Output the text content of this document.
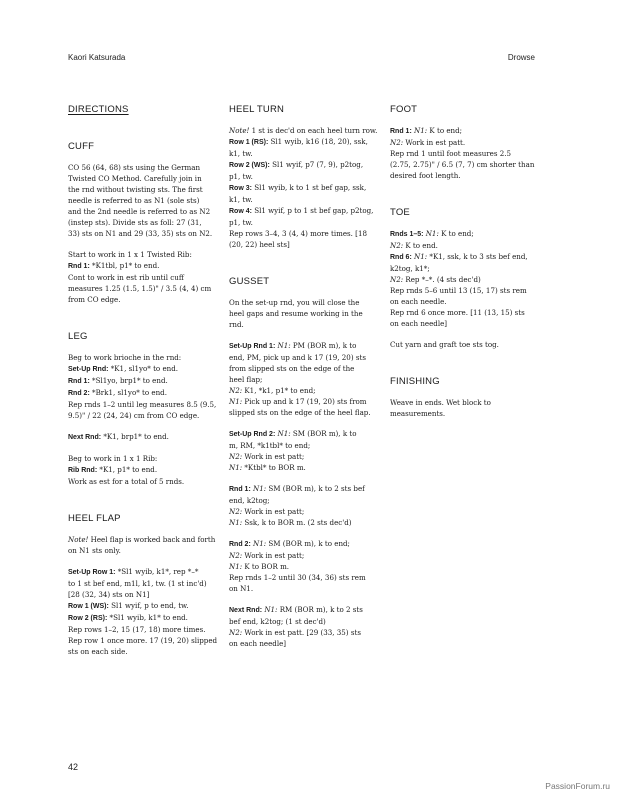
Kaori Katsurada	Drowse
DIRECTIONS
CUFF
CO 56 (64, 68) sts using the German
Twisted CO Method. Carefully join in
the rnd without twisting sts. The first
needle is referred to as N1 (sole sts)
and the 2nd needle is referred to as N2
(instep sts). Divide sts as foll: 27 (31,
33) sts on N1 and 29 (33, 35) sts on N2.
Start to work in 1 x 1 Twisted Rib:
Rnd 1: *K1tbl, p1* to end.
Cont to work in est rib until cuff
measures 1.25 (1.5, 1.5)" / 3.5 (4, 4) cm
from CO edge.
LEG
Beg to work brioche in the rnd:
Set-Up Rnd: *K1, sl1yo* to end.
Rnd 1: *Sl1yo, brp1* to end.
Rnd 2: *Brk1, sl1yo* to end.
Rep rnds 1–2 until leg measures 8.5 (9.5,
9.5)" / 22 (24, 24) cm from CO edge.
Next Rnd: *K1, brp1* to end.
Beg to work in 1 x 1 Rib:
Rib Rnd: *K1, p1* to end.
Work as est for a total of 5 rnds.
HEEL FLAP
Note! Heel flap is worked back and forth
on N1 sts only.
Set-Up Row 1: *Sl1 wyib, k1*, rep *–*
to 1 st bef end, m1l, k1, tw. (1 st inc'd)
[28 (32, 34) sts on N1]
Row 1 (WS): Sl1 wyif, p to end, tw.
Row 2 (RS): *Sl1 wyib, k1* to end.
Rep rows 1–2, 15 (17, 18) more times.
Rep row 1 once more. 17 (19, 20) slipped
sts on each side.
HEEL TURN
Note! 1 st is dec'd on each heel turn row.
Row 1 (RS): Sl1 wyib, k16 (18, 20), ssk,
k1, tw.
Row 2 (WS): Sl1 wyif, p7 (7, 9), p2tog,
p1, tw.
Row 3: Sl1 wyib, k to 1 st bef gap, ssk,
k1, tw.
Row 4: Sl1 wyif, p to 1 st bef gap, p2tog,
p1, tw.
Rep rows 3–4, 3 (4, 4) more times. [18
(20, 22) heel sts]
GUSSET
On the set-up rnd, you will close the
heel gaps and resume working in the
rnd.
Set-Up Rnd 1: N1: PM (BOR m), k to
end, PM, pick up and k 17 (19, 20) sts
from slipped sts on the edge of the
heel flap;
N2: K1, *k1, p1* to end;
N1: Pick up and k 17 (19, 20) sts from
slipped sts on the edge of the heel flap.
Set-Up Rnd 2: N1: SM (BOR m), k to
m, RM, *k1tbl* to end;
N2: Work in est patt;
N1: *Ktbl* to BOR m.
Rnd 1: N1: SM (BOR m), k to 2 sts bef
end, k2tog;
N2: Work in est patt;
N1: Ssk, k to BOR m. (2 sts dec'd)
Rnd 2: N1: SM (BOR m), k to end;
N2: Work in est patt;
N1: K to BOR m.
Rep rnds 1–2 until 30 (34, 36) sts rem
on N1.
Next Rnd: N1: RM (BOR m), k to 2 sts
bef end, k2tog; (1 st dec'd)
N2: Work in est patt. [29 (33, 35) sts
on each needle]
FOOT
Rnd 1: N1: K to end;
N2: Work in est patt.
Rep rnd 1 until foot measures 2.5
(2.75, 2.75)" / 6.5 (7, 7) cm shorter than
desired foot length.
TOE
Rnds 1–5: N1: K to end;
N2: K to end.
Rnd 6: N1: *K1, ssk, k to 3 sts bef end,
k2tog, k1*;
N2: Rep *–*. (4 sts dec'd)
Rep rnds 5–6 until 13 (15, 17) sts rem
on each needle.
Rep rnd 6 once more. [11 (13, 15) sts
on each needle]
Cut yarn and graft toe sts tog.
FINISHING
Weave in ends. Wet block to
measurements.
42
PassionForum.ru
